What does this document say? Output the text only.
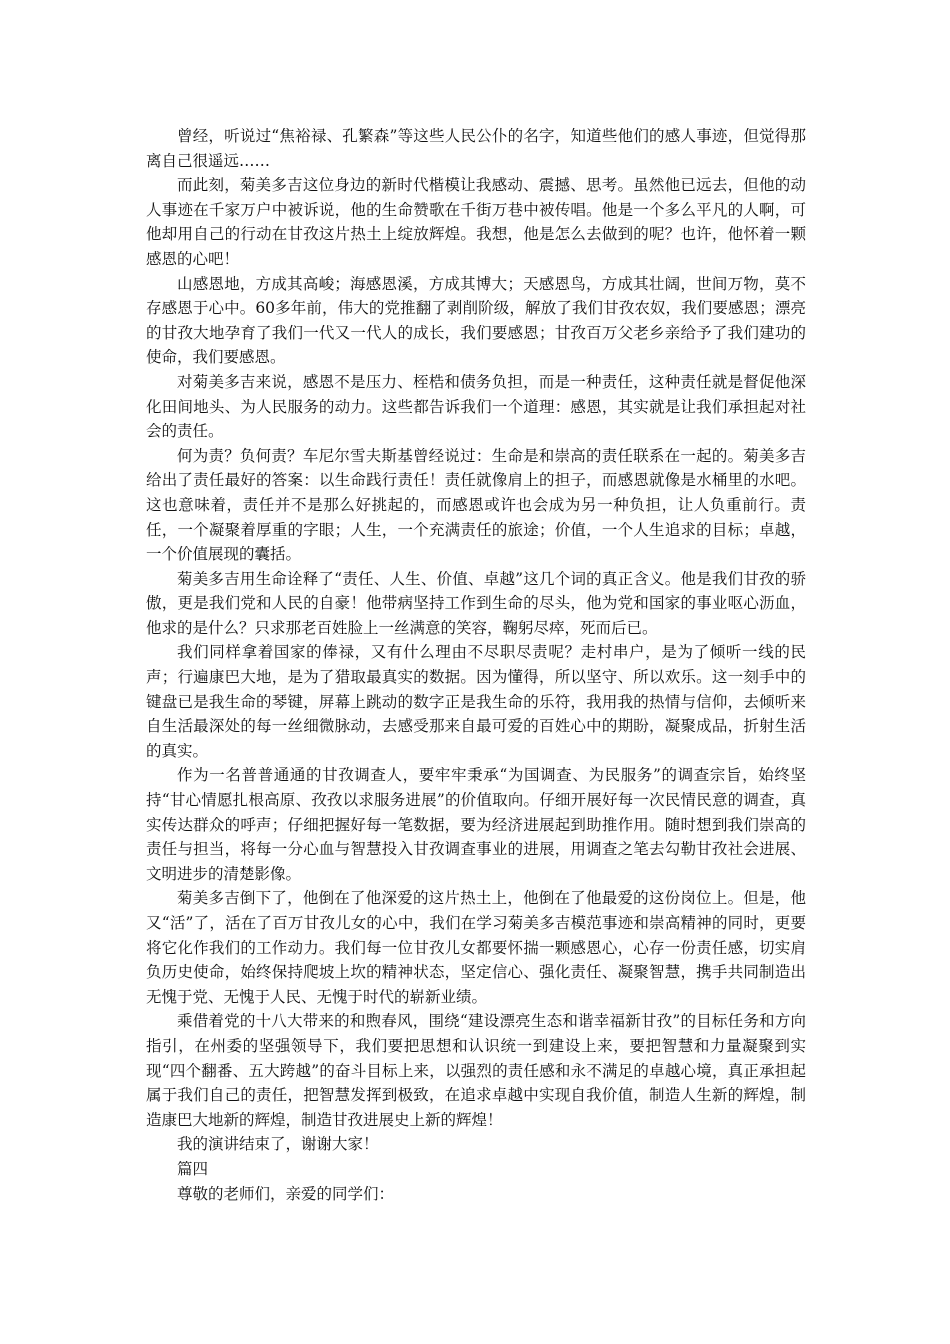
曾经，听说过“焦裕禄、孔繁森”等这些人民公仆的名字，知道些他们的感人事迹，但觉得那离自己很遥远……

而此刻，菊美多吉这位身边的新时代楷模让我感动、震撼、思考。虽然他已远去，但他的动人事迹在千家万户中被诉说，他的生命赞歌在千街万巷中被传唱。他是一个多么平凡的人啊，可他却用自己的行动在甘孜这片热土上绽放辉煌。我想，他是怎么去做到的呢？也许，他怀着一颗感恩的心吧！

山感恩地，方成其高峻；海感恩溪，方成其博大；天感恩鸟，方成其壮阔，世间万物，莫不存感恩于心中。60多年前，伟大的党推翻了剥削阶级，解放了我们甘孜农奴，我们要感恩；漂亮的甘孜大地孕育了我们一代又一代人的成长，我们要感恩；甘孜百万父老乡亲给予了我们建功的使命，我们要感恩。

对菊美多吉来说，感恩不是压力、桎梏和债务负担，而是一种责任，这种责任就是督促他深化田间地头、为人民服务的动力。这些都告诉我们一个道理：感恩，其实就是让我们承担起对社会的责任。

何为责？负何责？车尼尔雪夫斯基曾经说过：生命是和崇高的责任联系在一起的。菊美多吉给出了责任最好的答案：以生命践行责任！责任就像肩上的担子，而感恩就像是水桶里的水吧。这也意味着，责任并不是那么好挑起的，而感恩或许也会成为另一种负担，让人负重前行。责任，一个凝聚着厚重的字眼；人生，一个充满责任的旅途；价值，一个人生追求的目标；卓越，一个价值展现的囊括。

菊美多吉用生命诠释了“责任、人生、价值、卓越”这几个词的真正含义。他是我们甘孜的骄傲，更是我们党和人民的自豪！他带病坚持工作到生命的尽头，他为党和国家的事业呕心沥血，他求的是什么？只求那老百姓脸上一丝满意的笑容，鞠躬尽瘁，死而后已。

我们同样拿着国家的俸禄，又有什么理由不尽职尽责呢？走村串户，是为了倾听一线的民声；行遍康巴大地，是为了猎取最真实的数据。因为懂得，所以坚守、所以欢乐。这一刻手中的键盘已是我生命的琴键，屏幕上跳动的数字正是我生命的乐符，我用我的热情与信仰，去倾听来自生活最深处的每一丝细微脉动，去感受那来自最可爱的百姓心中的期盼，凝聚成品，折射生活的真实。

作为一名普普通通的甘孜调查人，要牢牢秉承“为国调查、为民服务”的调查宗旨，始终坚持“甘心情愿扎根高原、孜孜以求服务进展”的价值取向。仔细开展好每一次民情民意的调查，真实传达群众的呼声；仔细把握好每一笔数据，要为经济进展起到助推作用。随时想到我们崇高的责任与担当，将每一分心血与智慧投入甘孜调查事业的进展，用调查之笔去勾勒甘孜社会进展、文明进步的清楚影像。

菊美多吉倒下了，他倒在了他深爱的这片热土上，他倒在了他最爱的这份岗位上。但是，他又“活”了，活在了百万甘孜儿女的心中，我们在学习菊美多吉模范事迹和崇高精神的同时，更要将它化作我们的工作动力。我们每一位甘孜儿女都要怀揣一颗感恩心，心存一份责任感，切实肩负历史使命，始终保持爬坡上坎的精神状态，坚定信心、强化责任、凝聚智慧，携手共同制造出无愧于党、无愧于人民、无愧于时代的崭新业绩。

乘借着党的十八大带来的和煦春风，围绕“建设漂亮生态和谐幸福新甘孜”的目标任务和方向指引，在州委的坚强领导下，我们要把思想和认识统一到建设上来，要把智慧和力量凝聚到实现“四个翻番、五大跨越”的奋斗目标上来，以强烈的责任感和永不满足的卓越心境，真正承担起属于我们自己的责任，把智慧发挥到极致，在追求卓越中实现自我价值，制造人生新的辉煌，制造康巴大地新的辉煌，制造甘孜进展史上新的辉煌！

我的演讲结束了，谢谢大家！

篇四

尊敬的老师们，亲爱的同学们：
